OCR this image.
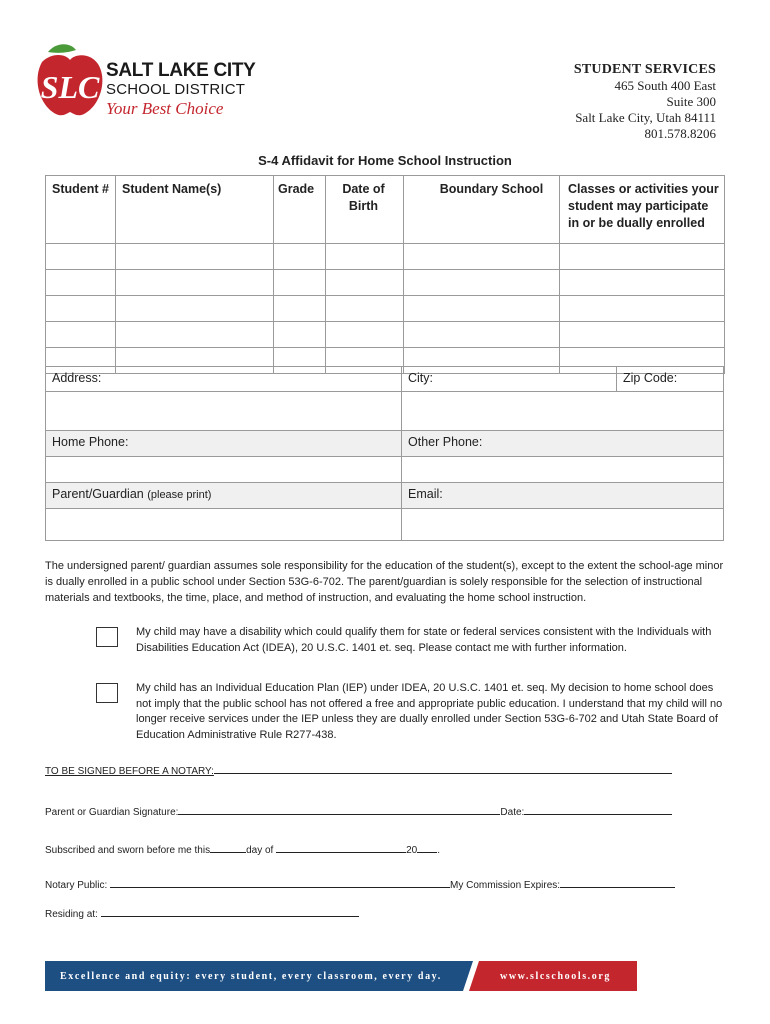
SLC SALT LAKE CITY
SCHOOL DISTRICT
Your Best Choice
STUDENT SERVICES
465 South 400 East
Suite 300
Salt Lake City, Utah 84111
801.578.8206
S-4 Affidavit for Home School Instruction
Student #	Student Name(s)	Grade	Date of Birth	Boundary School	Classes or activities your student may participate in or be dually enrolled

Address:	City:	Zip Code:
Home Phone:	Other Phone:
Parent/Guardian (please print)	Email:
The undersigned parent/ guardian assumes sole responsibility for the education of the student(s), except to the extent the school-age minor is dually enrolled in a public school under Section 53G-6-702. The parent/guardian is solely responsible for the selection of instructional materials and textbooks, the time, place, and method of instruction, and evaluating the home school instruction.
My child may have a disability which could qualify them for state or federal services consistent with the Individuals with Disabilities Education Act (IDEA), 20 U.S.C. 1401 et. seq. Please contact me with further information.
My child has an Individual Education Plan (IEP) under IDEA, 20 U.S.C. 1401 et. seq. My decision to home school does not imply that the public school has not offered a free and appropriate public education. I understand that my child will no longer receive services under the IEP unless they are dually enrolled under Section 53G-6-702 and Utah State Board of Education Administrative Rule R277-438.
TO BE SIGNED BEFORE A NOTARY:
Parent or Guardian Signature:	Date:
Subscribed and sworn before me this	day of	20 .
Notary Public:	My Commission Expires:
Residing at:
Excellence and equity: every student, every classroom, every day.	www.slcschools.org
